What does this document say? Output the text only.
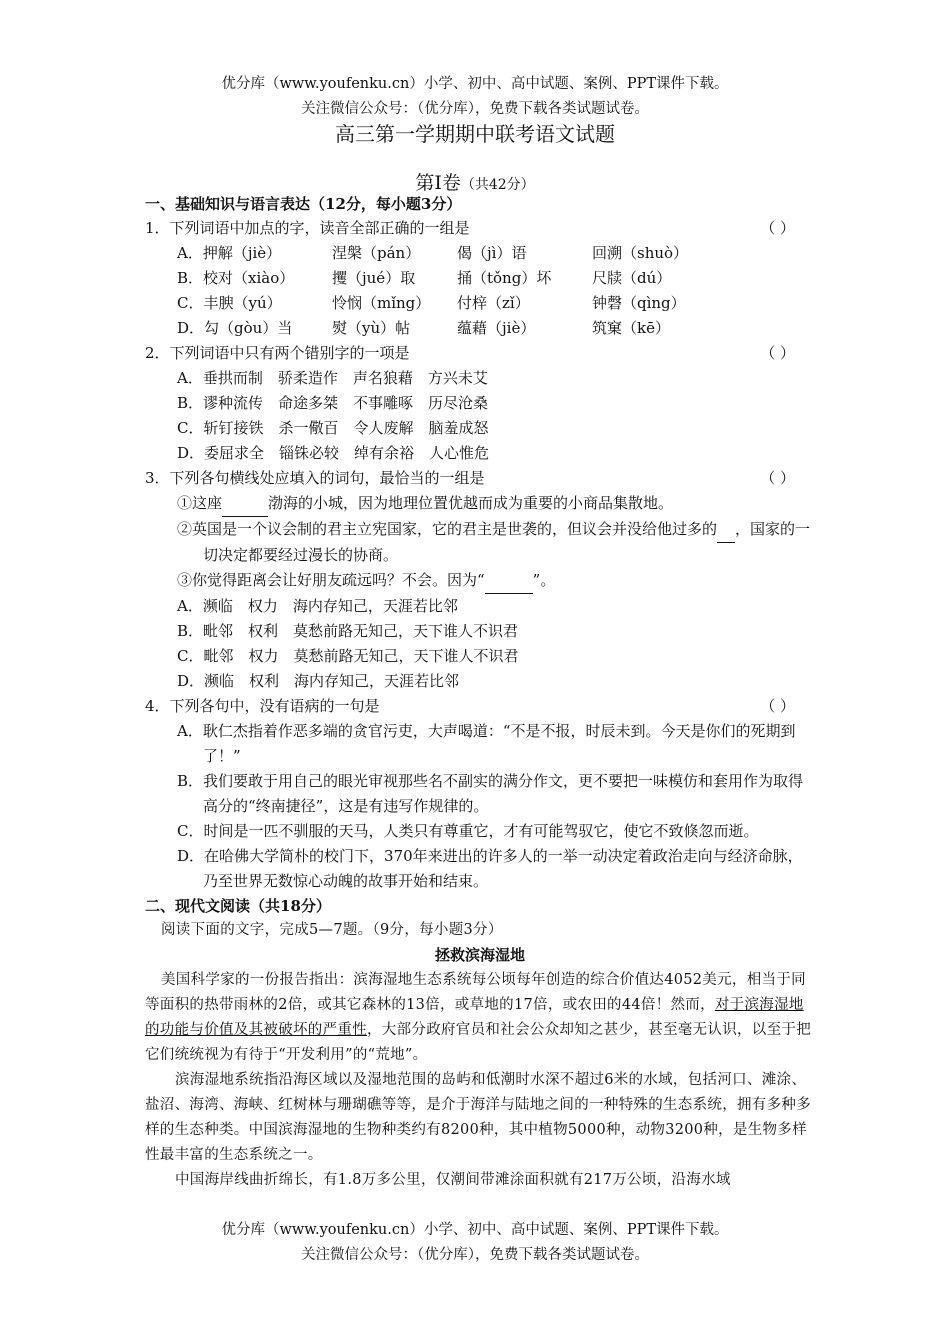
优分库（www.youfenku.cn）小学、初中、高中试题、案例、PPT课件下载。
关注微信公众号：（优分库），免费下载各类试题试卷。
高三第一学期期中联考语文试题
第Ⅰ卷（共42分）
一、基础知识与语言表达（12分，每小题3分）
1．下列词语中加点的字，读音全部正确的一组是	（ ）
A．押解（jiè）	涅槃（pán） 偈（jì）语	回溯（shuò）
B．校对（xiào）	攫（jué）取	捅（tǒng）坏	尺牍（dú）
C．丰腴（yú）	怜悯（mǐng） 付梓（zǐ）	钟磬（qìng）
D．勾（gòu）当	熨（yù）帖	蕴藉（jiè）	筑窠（kē）
2．下列词语中只有两个错别字的一项是	（ ）
A．垂拱而制　骄柔造作　声名狼藉　方兴未艾
B．谬种流传　命途多桀　不事雕啄　历尽沧桑
C．斩钉接铁　杀一儆百　令人废解　脑羞成怒
D．委屈求全　锱铢必较　绰有余裕　人心惟危
3．下列各句横线处应填入的词句，最恰当的一组是	（ ）
①这座	渤海的小城，因为地理位置优越而成为重要的小商品集散地。
②英国是一个议会制的君主立宪国家，它的君主是世袭的，但议会并没给他过多的 ，国家的一切决定都要经过漫长的协商。
③你觉得距离会让好朋友疏远吗？不会。因为“	”。
A．濒临　权力　海内存知己，天涯若比邻
B．毗邻　权利　莫愁前路无知己，天下谁人不识君
C．毗邻　权力　莫愁前路无知己，天下谁人不识君
D．濒临　权利　海内存知己，天涯若比邻
4．下列各句中，没有语病的一句是	（ ）
A．耿仁杰指着作恶多端的贪官污吏，大声喝道：“不是不报，时辰未到。今天是你们的死期到了！”
B．我们要敢于用自己的眼光审视那些名不副实的满分作文，更不要把一味模仿和套用作为取得高分的“终南捷径”，这是有违写作规律的。
C．时间是一匹不驯服的天马，人类只有尊重它，才有可能驾驭它，使它不致倏忽而逝。
D．在哈佛大学简朴的校门下，370年来进出的许多人的一举一动决定着政治走向与经济命脉，乃至世界无数惊心动魄的故事开始和结束。
二、现代文阅读（共18分）
阅读下面的文字，完成5—7题。（9分，每小题3分）
拯救滨海湿地
美国科学家的一份报告指出：滨海湿地生态系统每公顷每年创造的综合价值达4052美元，相当于同等面积的热带雨林的2倍，或其它森林的13倍，或草地的17倍，或农田的44倍！然而，对于滨海湿地的功能与价值及其被破坏的严重性，大部分政府官员和社会公众却知之甚少，甚至毫无认识，以至于把它们统统视为有待于“开发利用”的“荒地”。
滨海湿地系统指沿海区域以及湿地范围的岛屿和低潮时水深不超过6米的水域，包括河口、滩涂、盐沼、海湾、海峡、红树林与珊瑚礁等等，是介于海洋与陆地之间的一种特殊的生态系统，拥有多种多样的生态种类。中国滨海湿地的生物种类约有8200种，其中植物5000种，动物3200种，是生物多样性最丰富的生态系统之一。
中国海岸线曲折绵长，有1.8万多公里，仅潮间带滩涂面积就有217万公顷，沿海水域
优分库（www.youfenku.cn）小学、初中、高中试题、案例、PPT课件下载。
关注微信公众号：（优分库），免费下载各类试题试卷。
